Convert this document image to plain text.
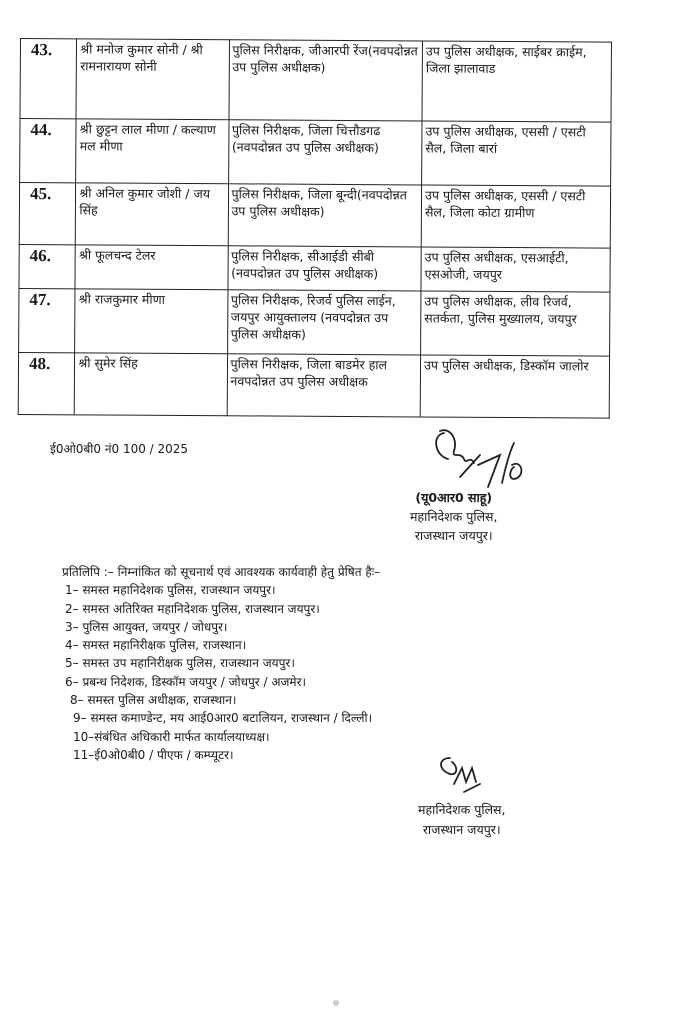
43.	श्री मनोज कुमार सोनी / श्री रामनारायण सोनी	पुलिस निरीक्षक, जीआरपी रेंज(नवपदोन्नत उप पुलिस अधीक्षक)	उप पुलिस अधीक्षक, साईबर क्राईम, जिला झालावाड
44.	श्री छुट्टन लाल मीणा / कल्याण मल मीणा	पुलिस निरीक्षक, जिला चित्तौडगढ (नवपदोन्नत उप पुलिस अधीक्षक)	उप पुलिस अधीक्षक, एससी / एसटी सैल, जिला बारां
45.	श्री अनिल कुमार जोशी / जय सिंह	पुलिस निरीक्षक, जिला बून्दी(नवपदोन्नत उप पुलिस अधीक्षक)	उप पुलिस अधीक्षक, एससी / एसटी सैल, जिला कोटा ग्रामीण
46.	श्री फूलचन्द टेलर	पुलिस निरीक्षक, सीआईडी सीबी (नवपदोन्नत उप पुलिस अधीक्षक)	उप पुलिस अधीक्षक, एसआईटी, एसओजी, जयपुर
47.	श्री राजकुमार मीणा	पुलिस निरीक्षक, रिजर्व पुलिस लाईन, जयपुर आयुक्तालय (नवपदोन्नत उप पुलिस अधीक्षक)	उप पुलिस अधीक्षक, लीव रिजर्व, सतर्कता, पुलिस मुख्यालय, जयपुर
48.	श्री सुमेर सिंह	पुलिस निरीक्षक, जिला बाडमेर हाल नवपदोन्नत उप पुलिस अधीक्षक	उप पुलिस अधीक्षक, डिस्कॉम जालोर
ई0ओ0बी0 नं0 100 / 2025
(यू0आर0 साहू)
महानिदेशक पुलिस,
राजस्थान जयपुर।
प्रतिलिपि :– निम्नांकित को सूचनार्थ एवं आवश्यक कार्यवाही हेतु प्रेषित हैः–
1– समस्त महानिदेशक पुलिस, राजस्थान जयपुर।
2– समस्त अतिरिक्त महानिदेशक पुलिस, राजस्थान जयपुर।
3– पुलिस आयुक्त, जयपुर / जोधपुर।
4– समस्त महानिरीक्षक पुलिस, राजस्थान।
5– समस्त उप महानिरीक्षक पुलिस, राजस्थान जयपुर।
6– प्रबन्ध निदेशक, डिस्कॉम जयपुर / जोधपुर / अजमेर।
8– समस्त पुलिस अधीक्षक, राजस्थान।
9– समस्त कमाण्डेन्ट, मय आई0आर0 बटालियन, राजस्थान / दिल्ली।
10–संबंधित अधिकारी मार्फत कार्यालयाध्यक्ष।
11–ई0ओ0बी0 / पीएफ / कम्प्यूटर।
महानिदेशक पुलिस,
राजस्थान जयपुर।
